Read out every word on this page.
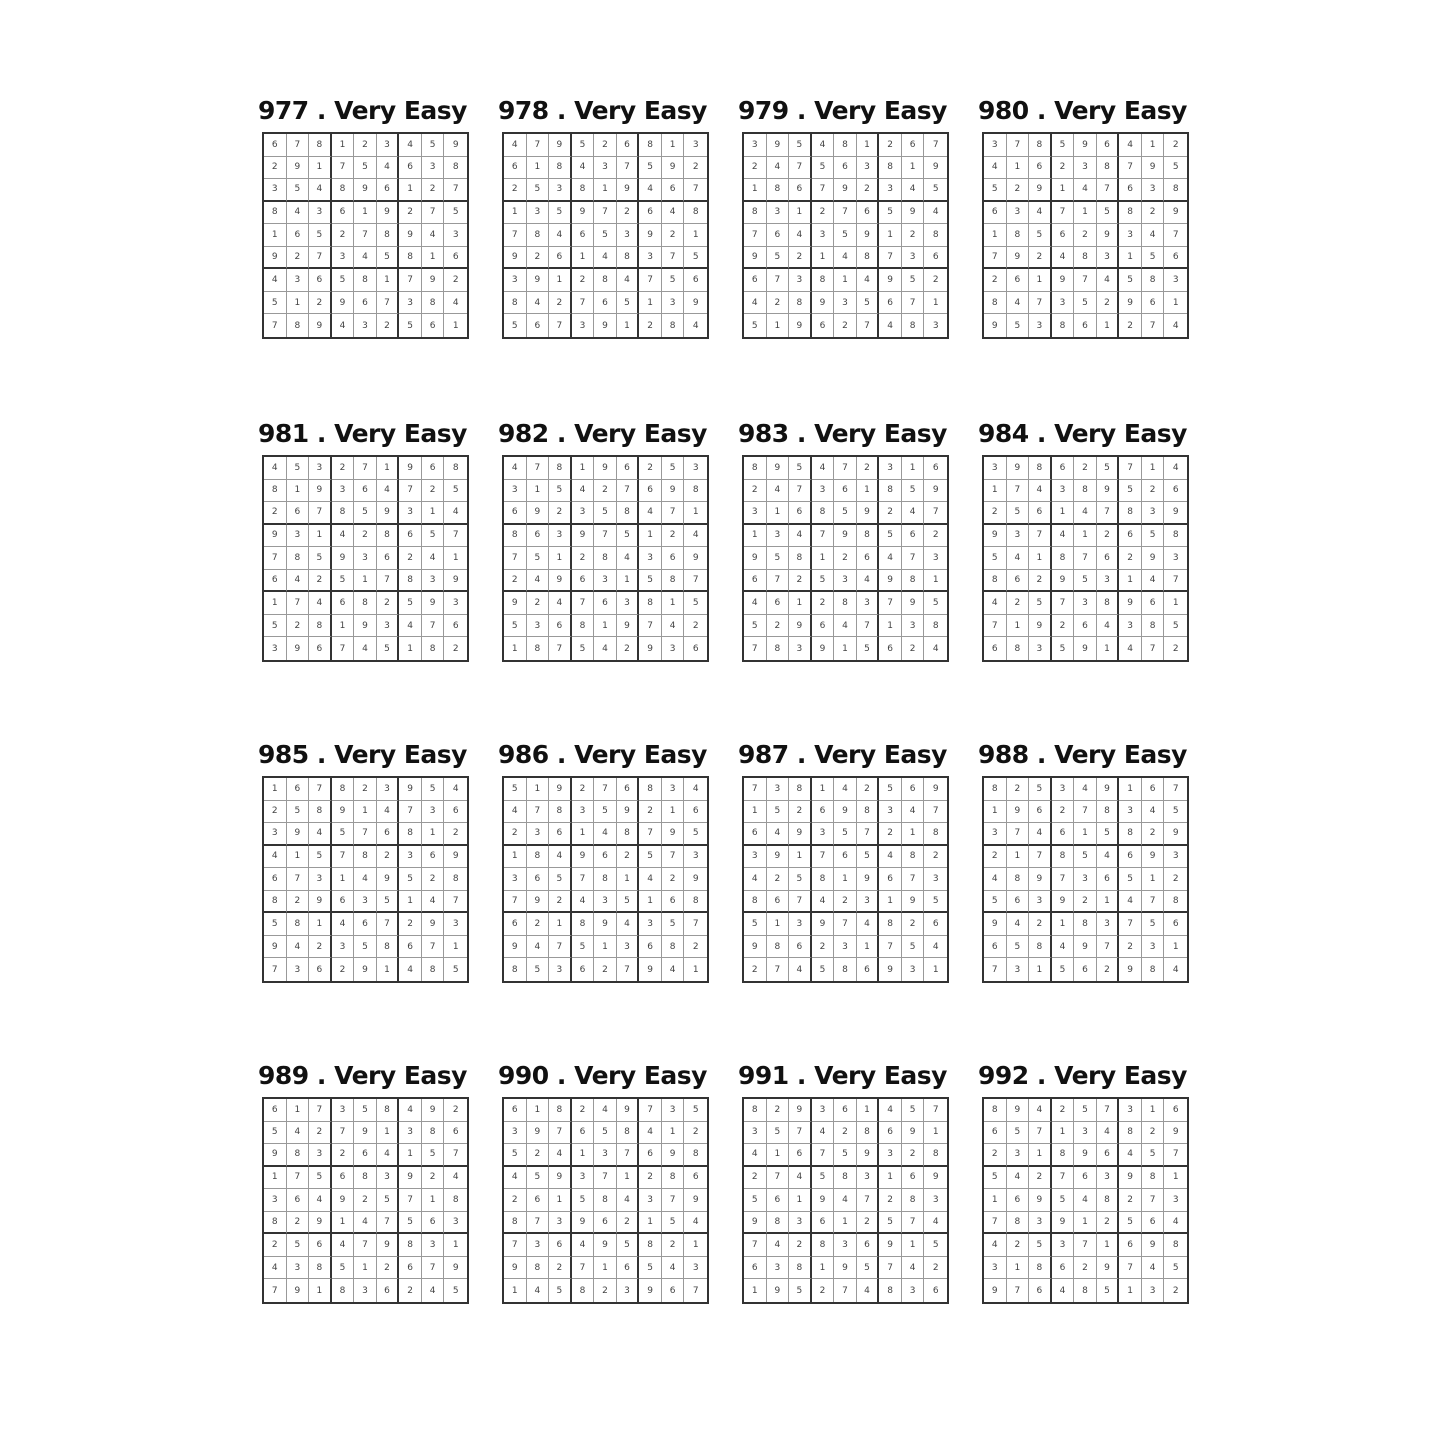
977 . Very Easy
6	7	8	1	2	3	4	5	9
2	9	1	7	5	4	6	3	8
3	5	4	8	9	6	1	2	7
8	4	3	6	1	9	2	7	5
1	6	5	2	7	8	9	4	3
9	2	7	3	4	5	8	1	6
4	3	6	5	8	1	7	9	2
5	1	2	9	6	7	3	8	4
7	8	9	4	3	2	5	6	1
978 . Very Easy
4	7	9	5	2	6	8	1	3
6	1	8	4	3	7	5	9	2
2	5	3	8	1	9	4	6	7
1	3	5	9	7	2	6	4	8
7	8	4	6	5	3	9	2	1
9	2	6	1	4	8	3	7	5
3	9	1	2	8	4	7	5	6
8	4	2	7	6	5	1	3	9
5	6	7	3	9	1	2	8	4
979 . Very Easy
3	9	5	4	8	1	2	6	7
2	4	7	5	6	3	8	1	9
1	8	6	7	9	2	3	4	5
8	3	1	2	7	6	5	9	4
7	6	4	3	5	9	1	2	8
9	5	2	1	4	8	7	3	6
6	7	3	8	1	4	9	5	2
4	2	8	9	3	5	6	7	1
5	1	9	6	2	7	4	8	3
980 . Very Easy
3	7	8	5	9	6	4	1	2
4	1	6	2	3	8	7	9	5
5	2	9	1	4	7	6	3	8
6	3	4	7	1	5	8	2	9
1	8	5	6	2	9	3	4	7
7	9	2	4	8	3	1	5	6
2	6	1	9	7	4	5	8	3
8	4	7	3	5	2	9	6	1
9	5	3	8	6	1	2	7	4
981 . Very Easy
4	5	3	2	7	1	9	6	8
8	1	9	3	6	4	7	2	5
2	6	7	8	5	9	3	1	4
9	3	1	4	2	8	6	5	7
7	8	5	9	3	6	2	4	1
6	4	2	5	1	7	8	3	9
1	7	4	6	8	2	5	9	3
5	2	8	1	9	3	4	7	6
3	9	6	7	4	5	1	8	2
982 . Very Easy
4	7	8	1	9	6	2	5	3
3	1	5	4	2	7	6	9	8
6	9	2	3	5	8	4	7	1
8	6	3	9	7	5	1	2	4
7	5	1	2	8	4	3	6	9
2	4	9	6	3	1	5	8	7
9	2	4	7	6	3	8	1	5
5	3	6	8	1	9	7	4	2
1	8	7	5	4	2	9	3	6
983 . Very Easy
8	9	5	4	7	2	3	1	6
2	4	7	3	6	1	8	5	9
3	1	6	8	5	9	2	4	7
1	3	4	7	9	8	5	6	2
9	5	8	1	2	6	4	7	3
6	7	2	5	3	4	9	8	1
4	6	1	2	8	3	7	9	5
5	2	9	6	4	7	1	3	8
7	8	3	9	1	5	6	2	4
984 . Very Easy
3	9	8	6	2	5	7	1	4
1	7	4	3	8	9	5	2	6
2	5	6	1	4	7	8	3	9
9	3	7	4	1	2	6	5	8
5	4	1	8	7	6	2	9	3
8	6	2	9	5	3	1	4	7
4	2	5	7	3	8	9	6	1
7	1	9	2	6	4	3	8	5
6	8	3	5	9	1	4	7	2
985 . Very Easy
1	6	7	8	2	3	9	5	4
2	5	8	9	1	4	7	3	6
3	9	4	5	7	6	8	1	2
4	1	5	7	8	2	3	6	9
6	7	3	1	4	9	5	2	8
8	2	9	6	3	5	1	4	7
5	8	1	4	6	7	2	9	3
9	4	2	3	5	8	6	7	1
7	3	6	2	9	1	4	8	5
986 . Very Easy
5	1	9	2	7	6	8	3	4
4	7	8	3	5	9	2	1	6
2	3	6	1	4	8	7	9	5
1	8	4	9	6	2	5	7	3
3	6	5	7	8	1	4	2	9
7	9	2	4	3	5	1	6	8
6	2	1	8	9	4	3	5	7
9	4	7	5	1	3	6	8	2
8	5	3	6	2	7	9	4	1
987 . Very Easy
7	3	8	1	4	2	5	6	9
1	5	2	6	9	8	3	4	7
6	4	9	3	5	7	2	1	8
3	9	1	7	6	5	4	8	2
4	2	5	8	1	9	6	7	3
8	6	7	4	2	3	1	9	5
5	1	3	9	7	4	8	2	6
9	8	6	2	3	1	7	5	4
2	7	4	5	8	6	9	3	1
988 . Very Easy
8	2	5	3	4	9	1	6	7
1	9	6	2	7	8	3	4	5
3	7	4	6	1	5	8	2	9
2	1	7	8	5	4	6	9	3
4	8	9	7	3	6	5	1	2
5	6	3	9	2	1	4	7	8
9	4	2	1	8	3	7	5	6
6	5	8	4	9	7	2	3	1
7	3	1	5	6	2	9	8	4
989 . Very Easy
6	1	7	3	5	8	4	9	2
5	4	2	7	9	1	3	8	6
9	8	3	2	6	4	1	5	7
1	7	5	6	8	3	9	2	4
3	6	4	9	2	5	7	1	8
8	2	9	1	4	7	5	6	3
2	5	6	4	7	9	8	3	1
4	3	8	5	1	2	6	7	9
7	9	1	8	3	6	2	4	5
990 . Very Easy
6	1	8	2	4	9	7	3	5
3	9	7	6	5	8	4	1	2
5	2	4	1	3	7	6	9	8
4	5	9	3	7	1	2	8	6
2	6	1	5	8	4	3	7	9
8	7	3	9	6	2	1	5	4
7	3	6	4	9	5	8	2	1
9	8	2	7	1	6	5	4	3
1	4	5	8	2	3	9	6	7
991 . Very Easy
8	2	9	3	6	1	4	5	7
3	5	7	4	2	8	6	9	1
4	1	6	7	5	9	3	2	8
2	7	4	5	8	3	1	6	9
5	6	1	9	4	7	2	8	3
9	8	3	6	1	2	5	7	4
7	4	2	8	3	6	9	1	5
6	3	8	1	9	5	7	4	2
1	9	5	2	7	4	8	3	6
992 . Very Easy
8	9	4	2	5	7	3	1	6
6	5	7	1	3	4	8	2	9
2	3	1	8	9	6	4	5	7
5	4	2	7	6	3	9	8	1
1	6	9	5	4	8	2	7	3
7	8	3	9	1	2	5	6	4
4	2	5	3	7	1	6	9	8
3	1	8	6	2	9	7	4	5
9	7	6	4	8	5	1	3	2
